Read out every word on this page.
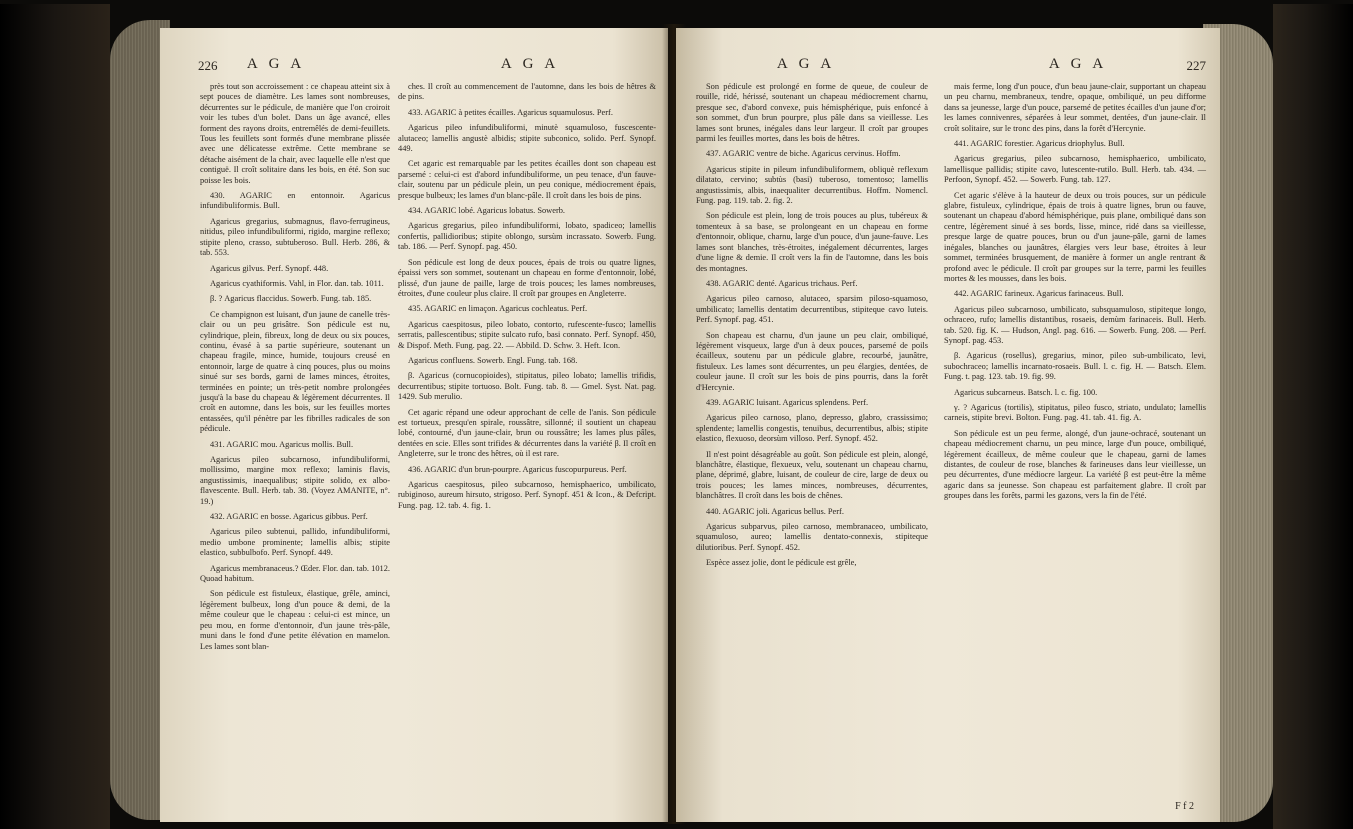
226	A G A

près tout son accroissement : ce chapeau atteint six à sept pouces de diamètre. Les lames sont nombreuses, décurrentes sur le pédicule, de manière que l'on croiroit voir les tubes d'un bolet. Dans un âge avancé, elles forment des rayons droits, entremêlés de demi-feuillets. Tous les feuillets sont formés d'une membrane plissée avec une délicatesse extrême. Cette membrane se détache aisément de la chair, avec laquelle elle n'est que contiguë. Il croît solitaire dans les bois, en été. Son suc poisse les bois.

430. AGARIC en entonnoir. Agaricus infundibuliformis. Bull.

Agaricus gregarius, submagnus, flavo-ferrugineus, nitidus, pileo infundibuliformi, rigido, margine reflexo; stipite pleno, crasso, subtuberoso. Bull. Herb. 286, & tab. 553.

Agaricus gilvus. Perf. Synopf. 448.

Agaricus cyathiformis. Vahl, in Flor. dan. tab. 1011.

β. ? Agaricus flaccidus. Sowerb. Fung. tab. 185.

Ce champignon est luisant, d'un jaune de canelle très-clair ou un peu grisâtre. Son pédicule est nu, cylindrique, plein, fibreux, long de deux ou six pouces, continu, évasé à sa partie supérieure, soutenant un chapeau fragile, mince, humide, toujours creusé en entonnoir, large de quatre à cinq pouces, plus ou moins sinué sur ses bords, garni de lames minces, étroites, terminées en pointe; un très-petit nombre prolongées jusqu'à la base du chapeau & légèrement décurrentes. Il croît en automne, dans les bois, sur les feuilles mortes entassées, qu'il pénètre par les fibrilles radicales de son pédicule.

431. AGARIC mou. Agaricus mollis. Bull.

Agaricus pileo subcarnoso, infundibuliformi, mollissimo, margine mox reflexo; laminis flavis, angustissimis, inaequalibus; stipite solido, ex albo-flavescente. Bull. Herb. tab. 38. (Voyez AMANITE, n°. 19.)

432. AGARIC en bosse. Agaricus gibbus. Perf.

Agaricus pileo subtenui, pallido, infundibuliformi, medio umbone prominente; lamellis albis; stipite elastico, subbulbofo. Perf. Synopf. 449.

Agaricus membranaceus.? Œder. Flor. dan. tab. 1012. Quoad habitum.

Son pédicule est fistuleux, élastique, grêle, aminci, légèrement bulbeux, long d'un pouce & demi, de la même couleur que le chapeau : celui-ci est mince, un peu mou, en forme d'entonnoir, d'un jaune très-pâle, muni dans le fond d'une petite élévation en mamelon. Les lames sont blan-

A G A

ches. Il croît au commencement de l'automne, dans les bois de hêtres & de pins.

433. AGARIC à petites écailles. Agaricus squamulosus. Perf.

Agaricus pileo infundibuliformi, minutè squamuloso, fuscescente-alutaceo; lamellis angustè albidis; stipite subconico, solido. Perf. Synopf. 449.

Cet agaric est remarquable par les petites écailles dont son chapeau est parsemé : celui-ci est d'abord infundibuliforme, un peu tenace, d'un fauve-clair, soutenu par un pédicule plein, un peu conique, médiocrement épais, presque bulbeux; les lames d'un blanc-pâle. Il croît dans les bois de pins.

434. AGARIC lobé. Agaricus lobatus. Sowerb.

Agaricus gregarius, pileo infundibuliformi, lobato, spadiceo; lamellis confertis, pallidioribus; stipite oblongo, sursùm incrassato. Sowerb. Fung. tab. 186. — Perf. Synopf. pag. 450.

Son pédicule est long de deux pouces, épais de trois ou quatre lignes, épaissi vers son sommet, soutenant un chapeau en forme d'entonnoir, lobé, plissé, d'un jaune de paille, large de trois pouces; les lames nombreuses, étroites, d'une couleur plus claire. Il croît par groupes en Angleterre.

435. AGARIC en limaçon. Agaricus cochleatus. Perf.

Agaricus caespitosus, pileo lobato, contorto, rufescente-fusco; lamellis serratis, pallescentibus; stipite sulcato rufo, basi connato. Perf. Synopf. 450, & Dispof. Meth. Fung. pag. 22. — Abbild. D. Schw. 3. Heft. Icon.

Agaricus confluens. Sowerb. Engl. Fung. tab. 168.

β. Agaricus (cornucopioides), stipitatus, pileo lobato; lamellis trifidis, decurrentibus; stipite tortuoso. Bolt. Fung. tab. 8. — Gmel. Syst. Nat. pag. 1429. Sub merulio.

Cet agaric répand une odeur approchant de celle de l'anis. Son pédicule est tortueux, presqu'en spirale, roussâtre, sillonné; il soutient un chapeau lobé, contourné, d'un jaune-clair, brun ou roussâtre; les lames plus pâles, dentées en scie. Elles sont trifides & décurrentes dans la variété β. Il croît en Angleterre, sur le tronc des hêtres, où il est rare.

436. AGARIC d'un brun-pourpre. Agaricus fuscopurpureus. Perf.

Agaricus caespitosus, pileo subcarnoso, hemisphaerico, umbilicato, rubiginoso, aureum hirsuto, strigoso. Perf. Synopf. 451 & Icon., & Defcript. Fung. pag. 12. tab. 4. fig. 1.

A G A

Son pédicule est prolongé en forme de queue, de couleur de rouille, ridé, hérissé, soutenant un chapeau médiocrement charnu, presque sec, d'abord convexe, puis hémisphérique, puis enfoncé à son sommet, d'un brun pourpre, plus pâle dans sa vieillesse. Les lames sont brunes, inégales dans leur largeur. Il croît par groupes parmi les feuilles mortes, dans les bois de hêtres.

437. AGARIC ventre de biche. Agaricus cervinus. Hoffm.

Agaricus stipite in pileum infundibuliformem, obliquè reflexum dilatato, cervino; subtùs (basi) tuberoso, tomentoso; lamellis angustissimis, albis, inaequaliter decurrentibus. Hoffm. Nomencl. Fung. pag. 119. tab. 2. fig. 2.

Son pédicule est plein, long de trois pouces au plus, tubéreux & tomenteux à sa base, se prolongeant en un chapeau en forme d'entonnoir, oblique, charnu, large d'un pouce, d'un jaune-fauve. Les lames sont blanches, très-étroites, inégalement décurrentes, larges d'une ligne & demie. Il croît vers la fin de l'automne, dans les bois des montagnes.

438. AGARIC denté. Agaricus trichaus. Perf.

Agaricus pileo carnoso, alutaceo, sparsim piloso-squamoso, umbilicato; lamellis dentatim decurrentibus, stipiteque cavo luteis. Perf. Synopf. pag. 451.

Son chapeau est charnu, d'un jaune un peu clair, ombiliqué, légèrement visqueux, large d'un à deux pouces, parsemé de poils écailleux, soutenu par un pédicule glabre, recourbé, jaunâtre, fistuleux. Les lames sont décurrentes, un peu élargies, dentées, de couleur jaune. Il croît sur les bois de pins pourris, dans la forêt d'Hercynie.

439. AGARIC luisant. Agaricus splendens. Perf.

Agaricus pileo carnoso, plano, depresso, glabro, crassissimo; splendente; lamellis congestis, tenuibus, decurrentibus, albis; stipite elastico, flexuoso, deorsùm villoso. Perf. Synopf. 452.

Il n'est point désagréable au goût. Son pédicule est plein, alongé, blanchâtre, élastique, flexueux, velu, soutenant un chapeau charnu, plane, déprimé, glabre, luisant, de couleur de cire, large de deux ou trois pouces; les lames minces, nombreuses, décurrentes, blanchâtres. Il croît dans les bois de chênes.

440. AGARIC joli. Agaricus bellus. Perf.

Agaricus subparvus, pileo carnoso, membranaceo, umbilicato, squamuloso, aureo; lamellis dentato-connexis, stipiteque dilutioribus. Perf. Synopf. 452.

Espèce assez jolie, dont le pédicule est grêle,

A G A	227

mais ferme, long d'un pouce, d'un beau jaune-clair, supportant un chapeau un peu charnu, membraneux, tendre, opaque, ombiliqué, un peu difforme dans sa jeunesse, large d'un pouce, parsemé de petites écailles d'un jaune d'or; les lames connivenres, séparées à leur sommet, dentées, d'un jaune-clair. Il croît solitaire, sur le tronc des pins, dans la forêt d'Hercynie.

441. AGARIC forestier. Agaricus driophylus. Bull.

Agaricus gregarius, pileo subcarnoso, hemisphaerico, umbilicato, lamellisque pallidis; stipite cavo, lutescente-rutilo. Bull. Herb. tab. 434. — Perfoon, Synopf. 452. — Sowerb. Fung. tab. 127.

Cet agaric s'élève à la hauteur de deux ou trois pouces, sur un pédicule glabre, fistuleux, cylindrique, épais de trois à quatre lignes, brun ou fauve, soutenant un chapeau d'abord hémisphérique, puis plane, ombiliqué dans son centre, légèrement sinué à ses bords, lisse, mince, ridé dans sa vieillesse, presque large de quatre pouces, brun ou d'un jaune-pâle, garni de lames inégales, blanches ou jaunâtres, élargies vers leur base, étroites à leur sommet, terminées brusquement, de manière à former un angle rentrant & profond avec le pédicule. Il croît par groupes sur la terre, parmi les feuilles mortes & les mousses, dans les bois.

442. AGARIC farineux. Agaricus farinaceus. Bull.

Agaricus pileo subcarnoso, umbilicato, subsquamuloso, stipiteque longo, ochraceo, rufo; lamellis distantibus, rosaeis, demùm farinaceis. Bull. Herb. tab. 520. fig. K. — Hudson, Angl. pag. 616. — Sowerb. Fung. 208. — Perf. Synopf. pag. 453.

β. Agaricus (rosellus), gregarius, minor, pileo sub-umbilicato, levi, subochraceo; lamellis incarnato-rosaeis. Bull. l. c. fig. H. — Batsch. Elem. Fung. t. pag. 123. tab. 19. fig. 99.

Agaricus subcarneus. Batsch. l. c. fig. 100.

γ. ? Agaricus (tortilis), stipitatus, pileo fusco, striato, undulato; lamellis carneis, stipite brevi. Bolton. Fung. pag. 41. tab. 41. fig. A.

Son pédicule est un peu ferme, alongé, d'un jaune-ochracé, soutenant un chapeau médiocrement charnu, un peu mince, large d'un pouce, ombiliqué, légèrement écailleux, de même couleur que le chapeau, garni de lames distantes, de couleur de rose, blanches & farineuses dans leur vieillesse, un peu décurrentes, d'une médiocre largeur. La variété β est peut-être la même agaric dans sa jeunesse. Son chapeau est parfaitement glabre. Il croît par groupes dans les forêts, parmi les gazons, vers la fin de l'été.

F f 2
